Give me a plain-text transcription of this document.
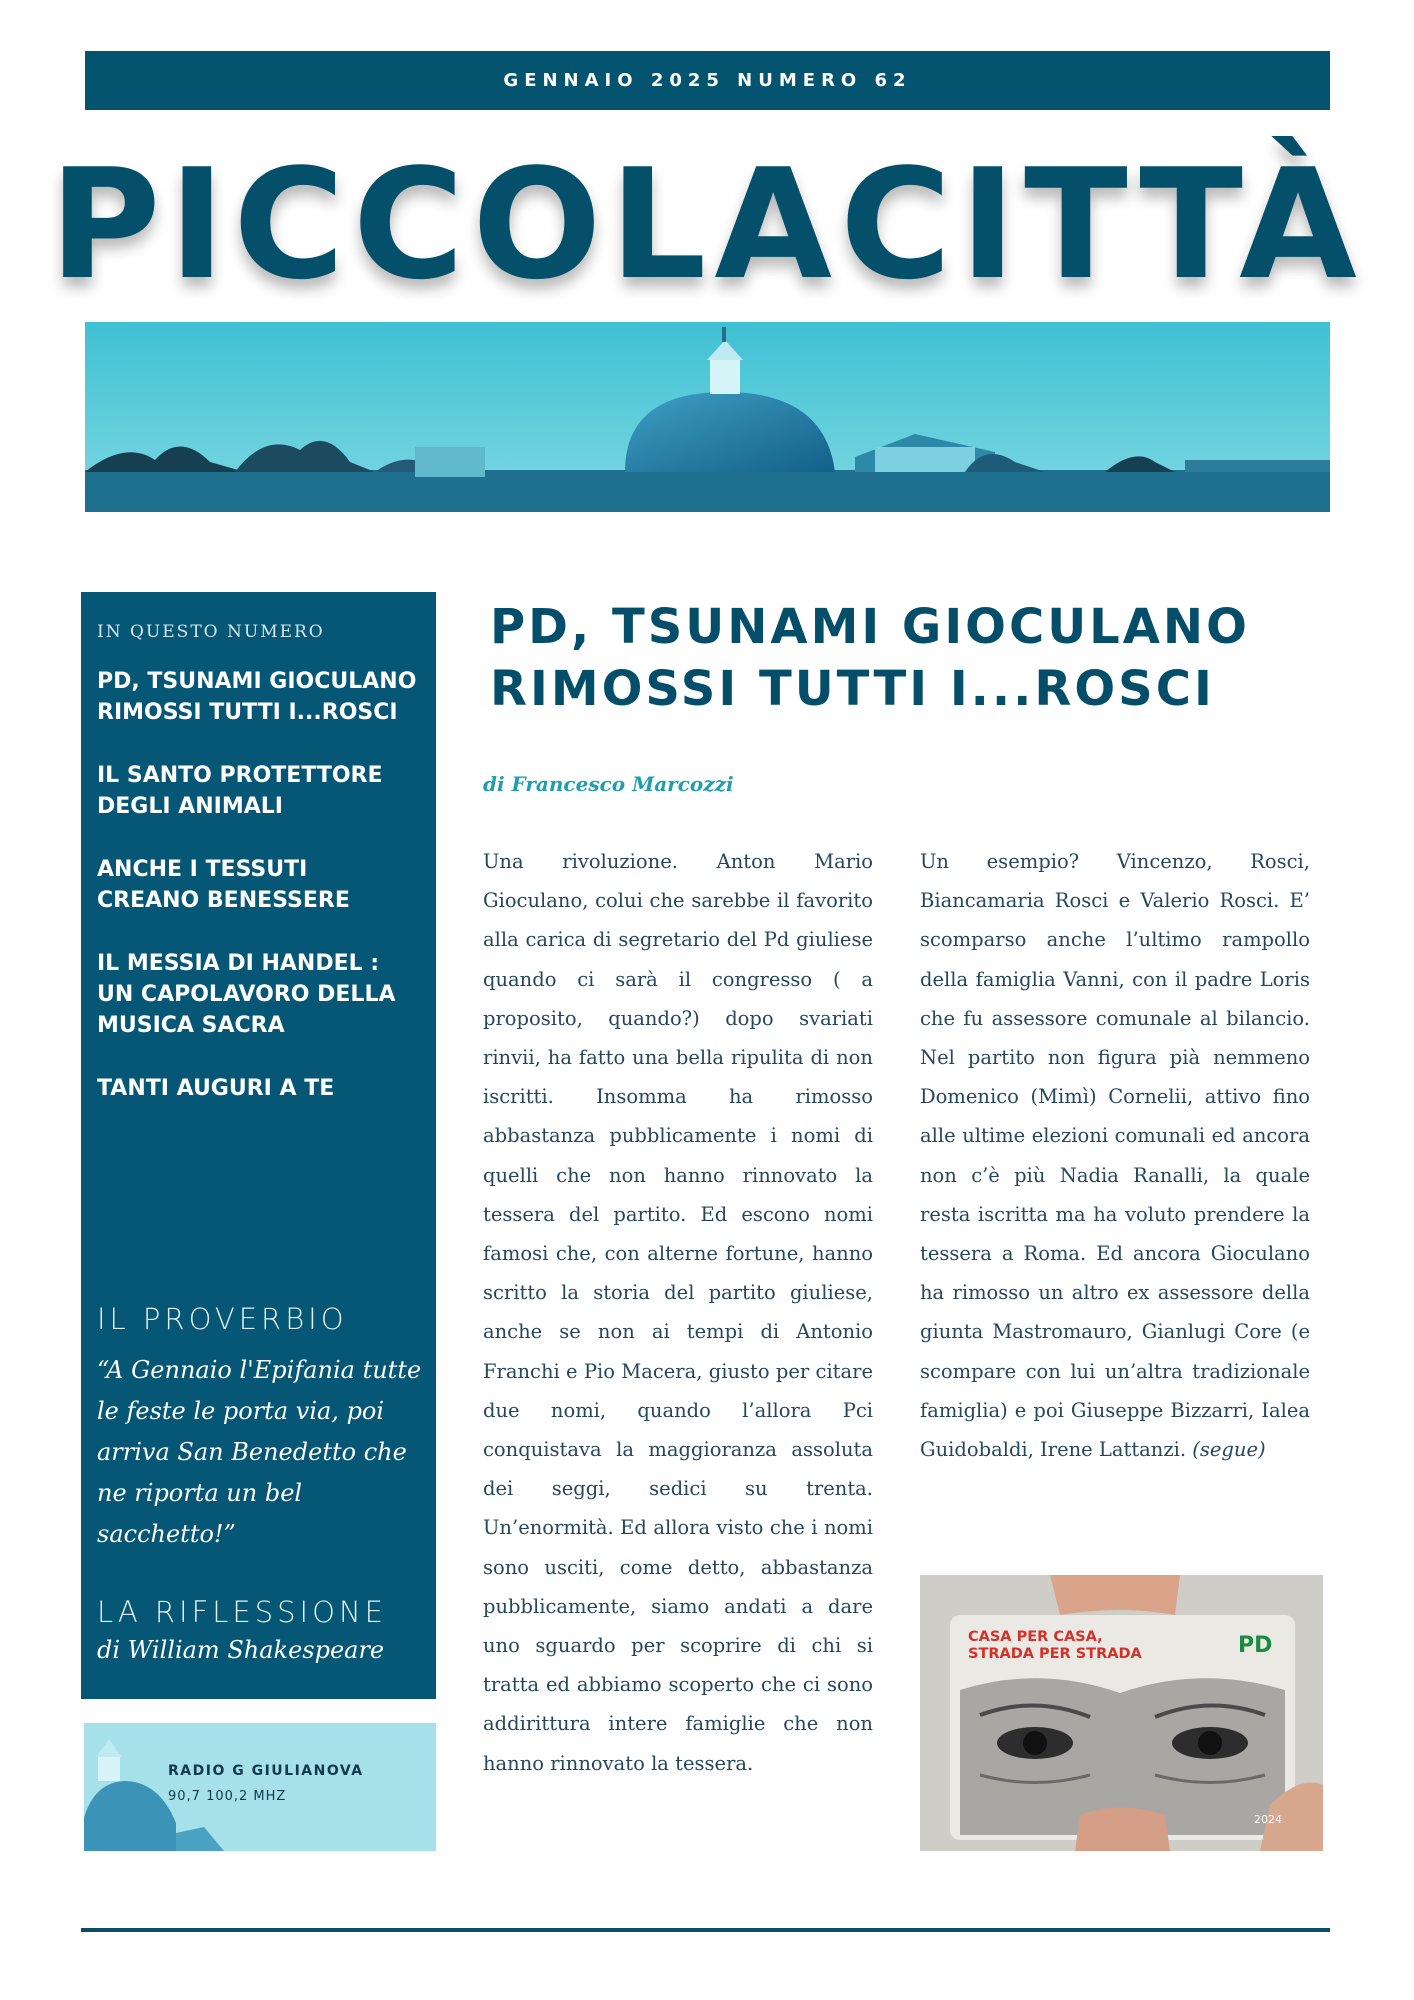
GENNAIO 2025 NUMERO 62
PICCOLACITTÀ
IN QUESTO NUMERO
PD, TSUNAMI GIOCULANO RIMOSSI TUTTI I...ROSCI
IL SANTO PROTETTORE DEGLI ANIMALI
ANCHE I TESSUTI CREANO BENESSERE
IL MESSIA DI HANDEL : UN CAPOLAVORO DELLA MUSICA SACRA
TANTI AUGURI A TE
IL PROVERBIO
“A Gennaio l'Epifania tutte le feste le porta via, poi arriva San Benedetto che ne riporta un bel sacchetto!”
LA RIFLESSIONE
di William Shakespeare
RADIO G GIULIANOVA
90,7 100,2 MHZ
PD, TSUNAMI GIOCULANO RIMOSSI TUTTI I...ROSCI
di Francesco Marcozzi
Una rivoluzione. Anton Mario Gioculano, colui che sarebbe il favorito alla carica di segretario del Pd giuliese quando ci sarà il congresso ( a proposito, quando?) dopo svariati rinvii, ha fatto una bella ripulita di non iscritti. Insomma ha rimosso abbastanza pubblicamente i nomi di quelli che non hanno rinnovato la tessera del partito. Ed escono nomi famosi che, con alterne fortune, hanno scritto la storia del partito giuliese, anche se non ai tempi di Antonio Franchi e Pio Macera, giusto per citare due nomi, quando l’allora Pci conquistava la maggioranza assoluta dei seggi, sedici su trenta. Un’enormità. Ed allora visto che i nomi sono usciti, come detto, abbastanza pubblicamente, siamo andati a dare uno sguardo per scoprire di chi si tratta ed abbiamo scoperto che ci sono addirittura intere famiglie che non hanno rinnovato la tessera.
Un esempio? Vincenzo, Rosci, Biancamaria Rosci e Valerio Rosci. E’ scomparso anche l’ultimo rampollo della famiglia Vanni, con il padre Loris che fu assessore comunale al bilancio. Nel partito non figura pià nemmeno Domenico (Mimì) Cornelii, attivo fino alle ultime elezioni comunali ed ancora non c’è più Nadia Ranalli, la quale resta iscritta ma ha voluto prendere la tessera a Roma. Ed ancora Gioculano ha rimosso un altro ex assessore della giunta Mastromauro, Gianlugi Core (e scompare con lui un’altra tradizionale famiglia) e poi Giuseppe Bizzarri, Ialea Guidobaldi, Irene Lattanzi. (segue)
CASA PER CASA,
STRADA PER STRADA	PD
2024
